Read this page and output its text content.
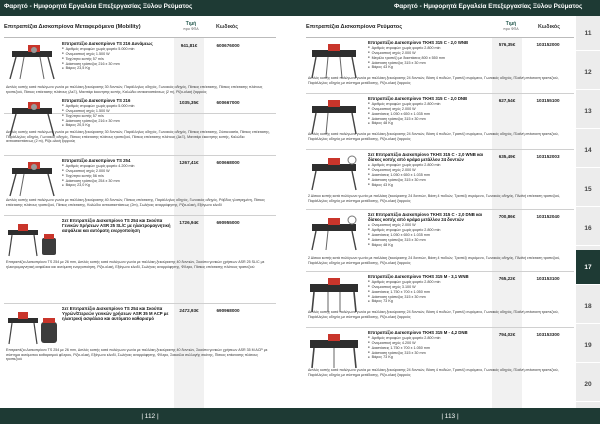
Φαρητό - Ημιφορητά Εργαλεία Επεξεργασίας Ξύλου Ρεύματος
Επιτραπέζια Δισκοπρίονα Μεταφερόμενα (Mobility)	Τιμή
προ ΦΠΑ	Κωδικός
Επιτραπέζιο Δισκοπρίονο TS 216 Δυνάμεως
■ Αριθμός στροφών χωρίς φορτίο 5.000 min
■ Ονομαστική ισχύς 1.500 W
■ Ταχύτητα κοπής 57 m/s
■ Διάσταση τράπεζας 216 x 30 mm
■ Βάρος 23,5 Kg
Διπλός κοπής κατά πολύγωνο γωνία με παλλάκη ξεκούρασης 30 δοντιών, Παράλληλος οδηγός, Γωνιακός οδηγός, Πίσκος επέκτασης, Πίσκος επέκτασης πλάτους τραπεζιού, Πίσκος επέκτασης πλάτους (ΔεΞ), Μανιτάρι έκκινησης κοπής, Καλώδιο αντικαταστάσεως (2 m), Ρίζα-ολική ξαρρούς
941,81€	600676000
Επιτραπέζιο Δισκοπρίονο TS 216
■ Αριθμός στροφών χωρίς φορτίο 5.000 min
■ Ονομαστική ισχύς 1.500 W
■ Ταχύτητα κοπής 57 m/s
■ Διάσταση τράπεζας 216 x 30 mm
■ Βάρος 20,5 Kg
Διπλός κοπής κατά πολύγωνο γωνία με παλλάκη ξεκούρασης 30 δοντιών, Παράλληλος οδηγός, Γωνιακός οδηγός, Πίσκος επέκτασης, Σύσκευασία, Πίσκος επέκτασης, Παράλληλος οδηγός, Γωνιακός οδηγός, Πίσκος επέκτασης πλάτους τραπεζιού, Πίσκος επέκτασης πλάτους (ΔεΞ), Μανιτάρι έκκινησης κοπής, Καλώδιο αντικαταστάσεως (2 m), Ρίζα-ολική ξαρρούς
1035,35€	600667000
Επιτραπέζιο Δισκοπρίονο TS 254
■ Αριθμός στροφών χωρίς φορτίο 4.200 min
■ Ονομαστική ισχύς 2.000 W
■ Ταχύτητα κοπής 56 m/s
■ Διάσταση τράπεζας 254 x 30 mm
■ Βάρος 23,0 Kg
Διπλός κοπής κατά πολύγωνο γωνία με παλλάκη ξεκούρασης 40 δοντιών, Πίσκος επέκτασης, Παράλληλος οδηγός, Γωνιακός οδηγός, Ράβδος γλιστρημένη, Πίσκος επέκτασης πλάτους τραπεζιού, Πίσκος επέκτασης, Καλώδιο αντικαταστάσεως (2m), Σωλήνας αναρρόφησης, Ρίζα-ολική, Εξάγωνο κλειδί
1267,41€	600668000
Σετ Επιτραπέζιο Δισκοπρίονο TS 254 και Σκούπα Γενικών Χρήσεων ASR 25 SL/C με ηλεκτρομαγνητική ασφάλεια και αυτόματη ενεργοποίηση
Επιτραπέζιο Δισκοπρίονο TS 254 με 26 mm, Διπλός κοπής κατά πολύγωνο γωνία με παλλάκη ξεκούρασης 40 δοντιών, Σκούπα γενικών χρήσεων ASR 25 SL/C με ηλεκτρομαγνητική ασφάλεια και αυτόματη ενεργοποίηση, Ρίζα-ολική, Εξάγωνο κλειδί, Σωλήνας αναρρόφησης, Φίλτρο, Πίσκος επέκτασης πλάτους τραπεζιού
1726,94€	690955000
Σετ Επιτραπέζιο Δισκοπρίονο TS 254 και Σκούπα Υγρών/Στερεών γενικών χρήσεων ASR 35 M ACP με ηλεκτρική ασφάλεια και αυτόματο καθαρισμό
Επιτραπέζιο Δισκοπρίονο TS 254 με 26 mm, Διπλός κοπής κατά πολύγωνο γωνία με παλλάκη ξεκούρασης 40 δοντιών, Σκούπα γενικών χρήσεων ASR 35 M ACP με σύστημα αυτόματου καθαρισμού φίλτρου, Ρίζα-ολική, Εξάγωνο κλειδί, Σωλήνας αναρρόφησης, Φίλτρο, Σακούλα συλλογής σκόνης, Πίσκος επέκτασης πλάτους τραπεζιού
2472,93€	690968000
| 112 |
Φαρητό - Ημιφορητά Εργαλεία Επεξεργασίας Ξύλου Ρεύματος
Επιτραπέζια Δισκοπρίονα Ρεύματος	Τιμή
προ ΦΠΑ	Κωδικός
Επιτραπέζιο Δισκοπρίονο TKHS 315 C - 2,0 WNB
■ Αριθμός στροφών χωρίς φορτίο 2.800 min
■ Ονομαστική ισχύς 2.000 W
■ Μεγάλο τραπέζι με διαστάσεις 800 x 550 mm
■ Διάσταση τράπεζας 315 x 30 mm
■ Βάρος 43 Kg
Διπλός κοπής κατά πολύγωνο γωνία με παλλάκη ξεκούρασης 24 δοντιών, Βάση 4 ποδιών, Τραπέζι συρόμενο, Γωνιακός οδηγός, Πλαϊνή επέκταση τραπεζιού, Παράλληλος οδηγός με σύστημα μετάδοσης, Ρίζα-ολική ξαρρούς
576,35€	103152000
Επιτραπέζιο Δισκοπρίονο TKHS 315 C - 2,0 DNB
■ Αριθμός στροφών χωρίς φορτίο 2.800 min
■ Ονομαστική ισχύς 2.000 W
■ Διαστάσεις 1.050 x 650 x 1.035 mm
■ Διάσταση τράπεζας 315 x 30 mm
■ Βάρος 48 Kg
Διπλός κοπής κατά πολύγωνο γωνία με παλλάκη ξεκούρασης 24 δοντιών, Βάση 4 ποδιών, Τραπέζι συρόμενο, Γωνιακός οδηγός, Πλαϊνή επέκταση τραπεζιού, Παράλληλος οδηγός με σύστημα μετάδοσης, Ρίζα-ολική ξαρρούς
627,54€	103155100
Σετ Επιτραπέζιο Δισκοπρίονο TKHS 315 C - 2,0 WNB και δίσκος κοπής από κράμα μετάλλου 24 δοντιών
■ Αριθμός στροφών χωρίς φορτίο 2.800 min
■ Ονομαστική ισχύς 2.000 W
■ Διαστάσεις 1.050 x 650 x 1.035 mm
■ Διάσταση τράπεζας 315 x 30 mm
■ Βάρος 43 Kg
2 Δίσκοι κοπής κατά πολύγωνο γωνία με παλλάκη ξεκούρασης 24 δοντιών, Βάση 4 ποδιών, Τραπέζι συρόμενο, Γωνιακός οδηγός, Πλαϊνή επέκταση τραπεζιού, Παράλληλος οδηγός με σύστημα μετάδοσης, Ρίζα-ολική ξαρρούς
635,49€	103152003
Σετ Επιτραπέζιο Δισκοπρίονο TKHS 315 C - 2,0 DNB και δίσκος κοπής από κράμα μετάλλου 24 δοντιών
■ Ονομαστική ισχύς 2.000 W
■ Αριθμός στροφών χωρίς φορτίο 2.800 min
■ Διαστάσεις 1.050 x 650 x 1.035 mm
■ Διάσταση τράπεζας 315 x 30 mm
■ Βάρος 48 Kg
2 Δίσκοι κοπής κατά πολύγωνο γωνία με παλλάκη ξεκούρασης 24 δοντιών, Βάση 4 ποδιών, Τραπέζι συρόμενο, Γωνιακός οδηγός, Πλαϊνή επέκταση τραπεζιού, Παράλληλος οδηγός με σύστημα μετάδοσης, Ρίζα-ολική ξαρρούς
700,86€	103152040
Επιτραπέζιο Δισκοπρίονο TKHS 315 M - 3,1 WNB
■ Αριθμός στροφών χωρίς φορτίο 2.800 min
■ Ονομαστική ισχύς 3.100 W
■ Διαστάσεις 1.750 x 700 x 1.050 mm
■ Διάσταση τράπεζας 315 x 30 mm
■ Βάρος 73 Kg
Διπλός κοπής κατά πολύγωνο γωνία με παλλάκη ξεκούρασης 24 δοντιών, Βάση 4 ποδιών, Τραπέζι συρόμενο, Γωνιακός οδηγός, Πλαϊνή επέκταση τραπεζιού, Παράλληλος οδηγός με σύστημα μετάδοσης, Ρίζα-ολική ξαρρούς
765,22€	103153100
Επιτραπέζιο Δισκοπρίονο TKHS 315 M - 4,2 DNB
■ Αριθμός στροφών χωρίς φορτίο 2.800 min
■ Ονομαστική ισχύς 4.200 W
■ Διαστάσεις 1.750 x 700 x 1.050 mm
■ Διάσταση τράπεζας 315 x 30 mm
■ Βάρος 73 Kg
Διπλός κοπής κατά πολύγωνο γωνία με παλλάκη ξεκούρασης 24 δοντιών, Βάση 4 ποδιών, Τραπέζι συρόμενο, Γωνιακός οδηγός, Πλαϊνή επέκταση τραπεζιού, Παράλληλος οδηγός με σύστημα μετάδοσης, Ρίζα-ολική ξαρρούς
794,02€	103153300
11
12
13
14
15
16
17
18
19
20
| 113 |
